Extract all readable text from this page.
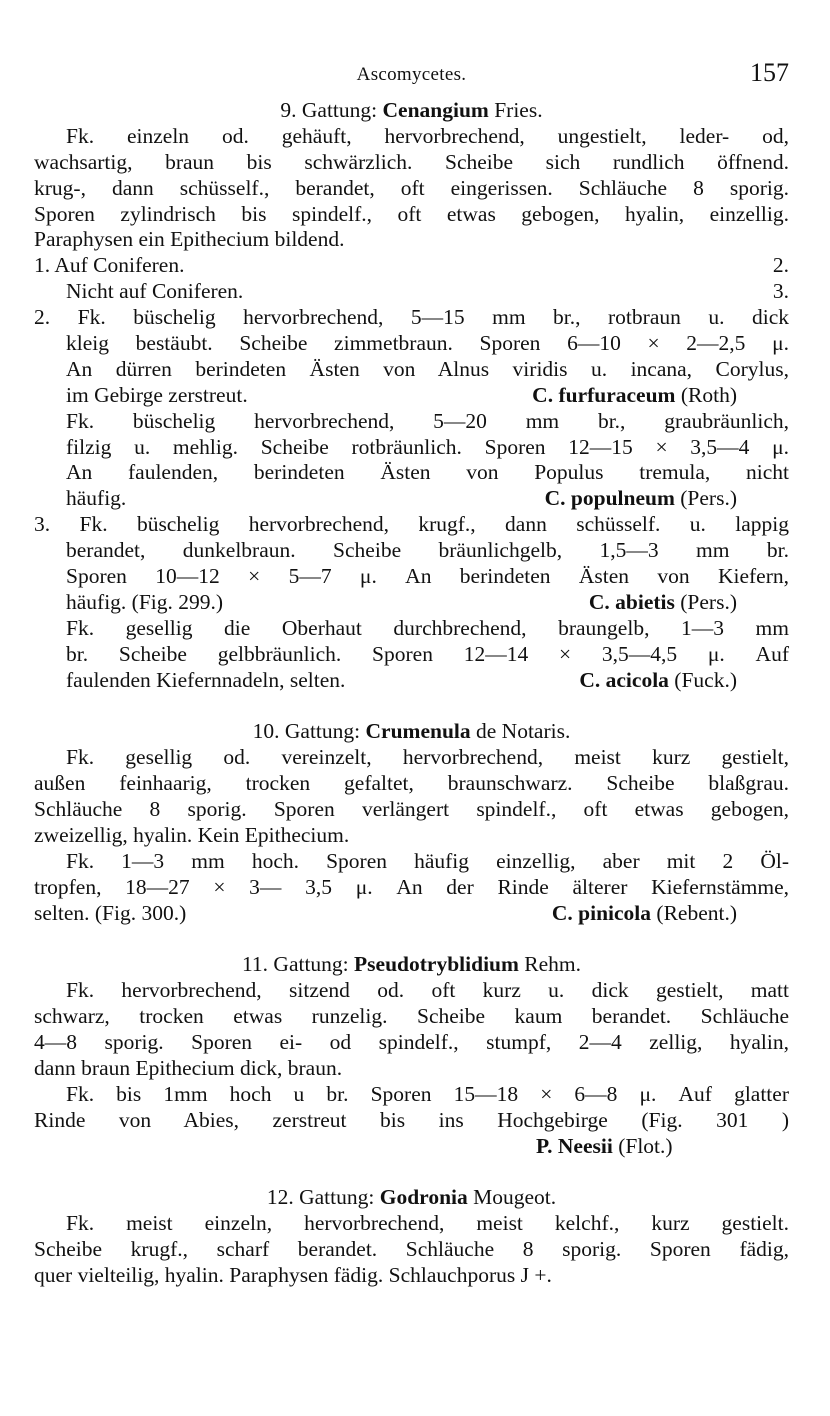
Ascomycetes.	157
9. Gattung: Cenangium Fries.
Fk. einzeln od. gehäuft, hervorbrechend, ungestielt, leder- od,
wachsartig, braun bis schwärzlich. Scheibe sich rundlich öffnend.
krug-, dann schüsself., berandet, oft eingerissen. Schläuche 8 sporig.
Sporen zylindrisch bis spindelf., oft etwas gebogen, hyalin, einzellig.
Paraphysen ein Epithecium bildend.
1. Auf Coniferen.	2.
Nicht auf Coniferen.	3.
2. Fk. büschelig hervorbrechend, 5—15 mm br., rotbraun u. dick
kleig bestäubt. Scheibe zimmetbraun. Sporen 6—10 × 2—2,5 μ.
An dürren berindeten Ästen von Alnus viridis u. incana, Corylus,
im Gebirge zerstreut.	C. furfuraceum (Roth)
Fk. büschelig hervorbrechend, 5—20 mm br., graubräunlich,
filzig u. mehlig. Scheibe rotbräunlich. Sporen 12—15 × 3,5—4 μ.
An faulenden, berindeten Ästen von Populus tremula, nicht
häufig.	C. populneum (Pers.)
3. Fk. büschelig hervorbrechend, krugf., dann schüsself. u. lappig
berandet, dunkelbraun. Scheibe bräunlichgelb, 1,5—3 mm br.
Sporen 10—12 × 5—7 μ. An berindeten Ästen von Kiefern,
häufig. (Fig. 299.)	C. abietis (Pers.)
Fk. gesellig die Oberhaut durchbrechend, braungelb, 1—3 mm
br. Scheibe gelbbräunlich. Sporen 12—14 × 3,5—4,5 μ. Auf
faulenden Kiefernnadeln, selten.	C. acicola (Fuck.)
10. Gattung: Crumenula de Notaris.
Fk. gesellig od. vereinzelt, hervorbrechend, meist kurz gestielt,
außen feinhaarig, trocken gefaltet, braunschwarz. Scheibe blaßgrau.
Schläuche 8 sporig. Sporen verlängert spindelf., oft etwas gebogen,
zweizellig, hyalin. Kein Epithecium.
Fk. 1—3 mm hoch. Sporen häufig einzellig, aber mit 2 Öl-
tropfen, 18—27 × 3— 3,5 μ. An der Rinde älterer Kiefernstämme,
selten. (Fig. 300.)	C. pinicola (Rebent.)
11. Gattung: Pseudotryblidium Rehm.
Fk. hervorbrechend, sitzend od. oft kurz u. dick gestielt, matt
schwarz, trocken etwas runzelig. Scheibe kaum berandet. Schläuche
4—8 sporig. Sporen ei- od spindelf., stumpf, 2—4 zellig, hyalin,
dann braun Epithecium dick, braun.
Fk. bis 1mm hoch u br. Sporen 15—18 × 6—8 μ. Auf glatter
Rinde von Abies, zerstreut bis ins Hochgebirge (Fig. 301 )
P. Neesii (Flot.)
12. Gattung: Godronia Mougeot.
Fk. meist einzeln, hervorbrechend, meist kelchf., kurz gestielt.
Scheibe krugf., scharf berandet. Schläuche 8 sporig. Sporen fädig,
quer vielteilig, hyalin. Paraphysen fädig. Schlauchporus J +.
